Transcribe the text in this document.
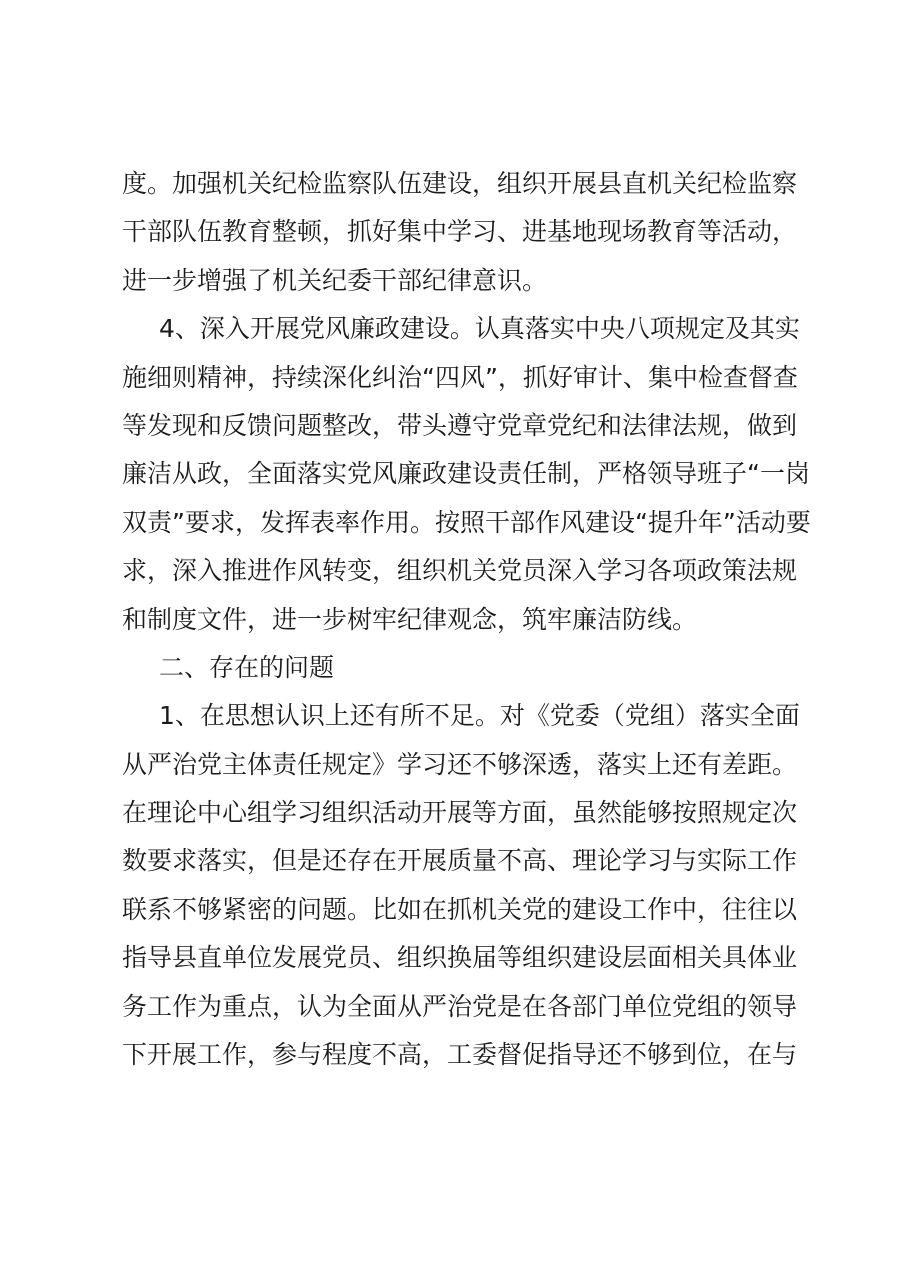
度。加强机关纪检监察队伍建设，组织开展县直机关纪检监察
干部队伍教育整顿，抓好集中学习、进基地现场教育等活动，
进一步增强了机关纪委干部纪律意识。
4、深入开展党风廉政建设。认真落实中央八项规定及其实
施细则精神，持续深化纠治“四风”，抓好审计、集中检查督查
等发现和反馈问题整改，带头遵守党章党纪和法律法规，做到
廉洁从政，全面落实党风廉政建设责任制，严格领导班子“一岗
双责”要求，发挥表率作用。按照干部作风建设“提升年”活动要
求，深入推进作风转变，组织机关党员深入学习各项政策法规
和制度文件，进一步树牢纪律观念，筑牢廉洁防线。
二、存在的问题
1、在思想认识上还有所不足。对《党委（党组）落实全面
从严治党主体责任规定》学习还不够深透，落实上还有差距。
在理论中心组学习组织活动开展等方面，虽然能够按照规定次
数要求落实，但是还存在开展质量不高、理论学习与实际工作
联系不够紧密的问题。比如在抓机关党的建设工作中，往往以
指导县直单位发展党员、组织换届等组织建设层面相关具体业
务工作为重点，认为全面从严治党是在各部门单位党组的领导
下开展工作，参与程度不高，工委督促指导还不够到位，在与
